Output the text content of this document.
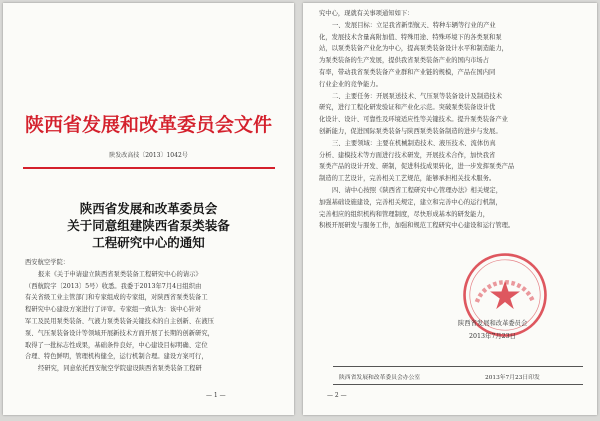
陕西省发展和改革委员会文件
陕发改高技〔2013〕1042号
陕西省发展和改革委员会
关于同意组建陕西省泵类装备
工程研究中心的通知

西安航空学院：

报来《关于申请建立陕西省泵类装备工程研究中心的请示》

（西航院字〔2013〕5号）收悉。我委于2013年7月4日组织由

有关省级工业主管部门和专家组成的专家组，对陕西省泵类装备工

程研究中心建设方案进行了评审。专家组一致认为：该中心针对

军工及民用泵类装备、气液力泵类装备关键技术的自主创新、在液压

泵、气压泵装备设计等领域开展新技术方面开展了长期的创新研究，

取得了一批标志性成果，基础条件良好，中心建设目标明确、定位

合理、特色鲜明，管理机构健全，运行机制合理。建设方案可行，

经研究，同意依托西安航空学院建设陕西省泵类装备工程研

— 1 —

究中心，现就有关事项通知如下：

一、发展目标：立足我省新型航天、特种车辆等行业的产业

化，发展技术含量高附加值、特殊用途、特殊环境下的各类泵和泵

站，以泵类装备产业化为中心，提高泵类装备设计水平和制造能力，

为泵类装备的生产发展，提供我省泵类装备产业的国内市场占

有率，带动我省泵类装备产业群和产业链的规模，产品在国内同

行业企业的竞争能力。

二、主要任务：开展泵送技术、气压泵等装备设计及制造技术

研究，进行工程化研发验证和产业化示范。突破泵类装备设计优

化设计、设计、可靠性及环境适应性等关键技术。提升泵类装备产业

创新能力，促进国际泵类装备与陕西泵类装备制造的进步与发展。

三、主要领域：主要在机械制造技术、液压技术、流体仿真

分析、建模技术等方面进行技术研发，开展技术合作，加快我省

泵类产品的设计开发、研制，促进科技成果转化，进一步发挥泵类产品

制造的工艺设计，完善相关工艺规范，能够承担相关技术服务。

四、请中心按照《陕西省工程研究中心管理办法》相关规定，

加强基础设施建设，完善相关规定，建立和完善中心的运行机制，

完善相应的组织机构和管理制度，尽快形成基本的研发能力，

积极开展研发与服务工作，加强和规范工程研究中心建设和运行管理。

陕西省发展和改革委员会
2013年7月23日
陕西省发展和改革委员会办公室	2013年7月23日印发
— 2 —
